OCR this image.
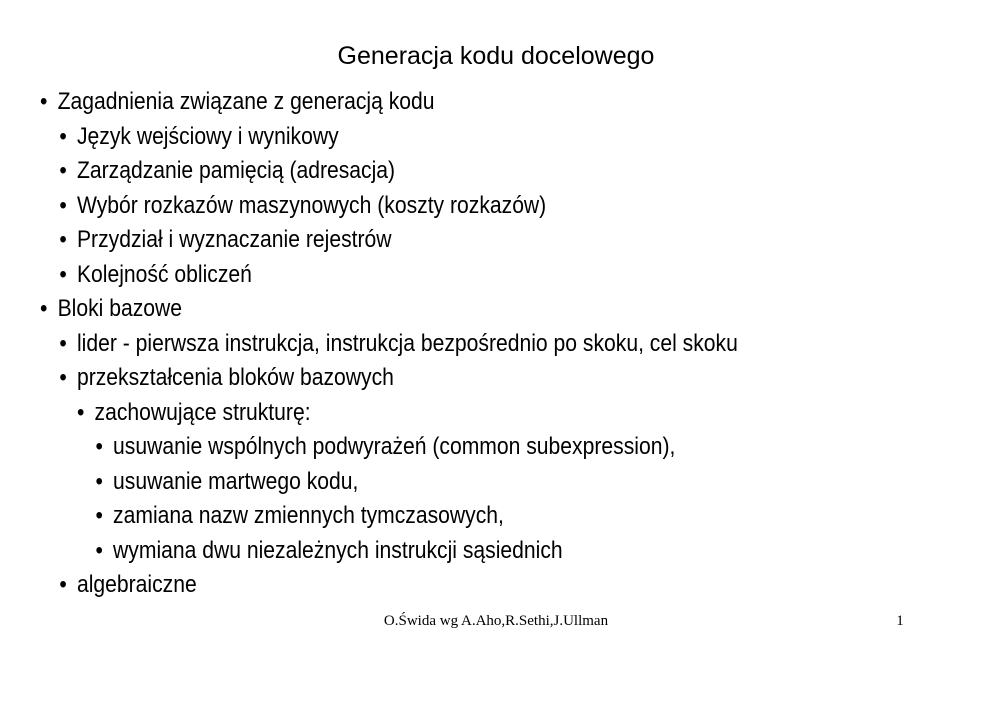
Generacja kodu docelowego
• Zagadnienia związane z generacją kodu
• Język wejściowy i wynikowy
• Zarządzanie pamięcią (adresacja)
• Wybór rozkazów maszynowych (koszty rozkazów)
• Przydział i wyznaczanie rejestrów
• Kolejność obliczeń
• Bloki bazowe
• lider - pierwsza instrukcja, instrukcja bezpośrednio po skoku, cel skoku
• przekształcenia bloków bazowych
• zachowujące strukturę:
• usuwanie wspólnych podwyrażeń (common subexpression),
• usuwanie martwego kodu,
• zamiana nazw zmiennych tymczasowych,
• wymiana dwu niezależnych instrukcji sąsiednich
• algebraiczne
O.Świda wg A.Aho,R.Sethi,J.Ullman	1
